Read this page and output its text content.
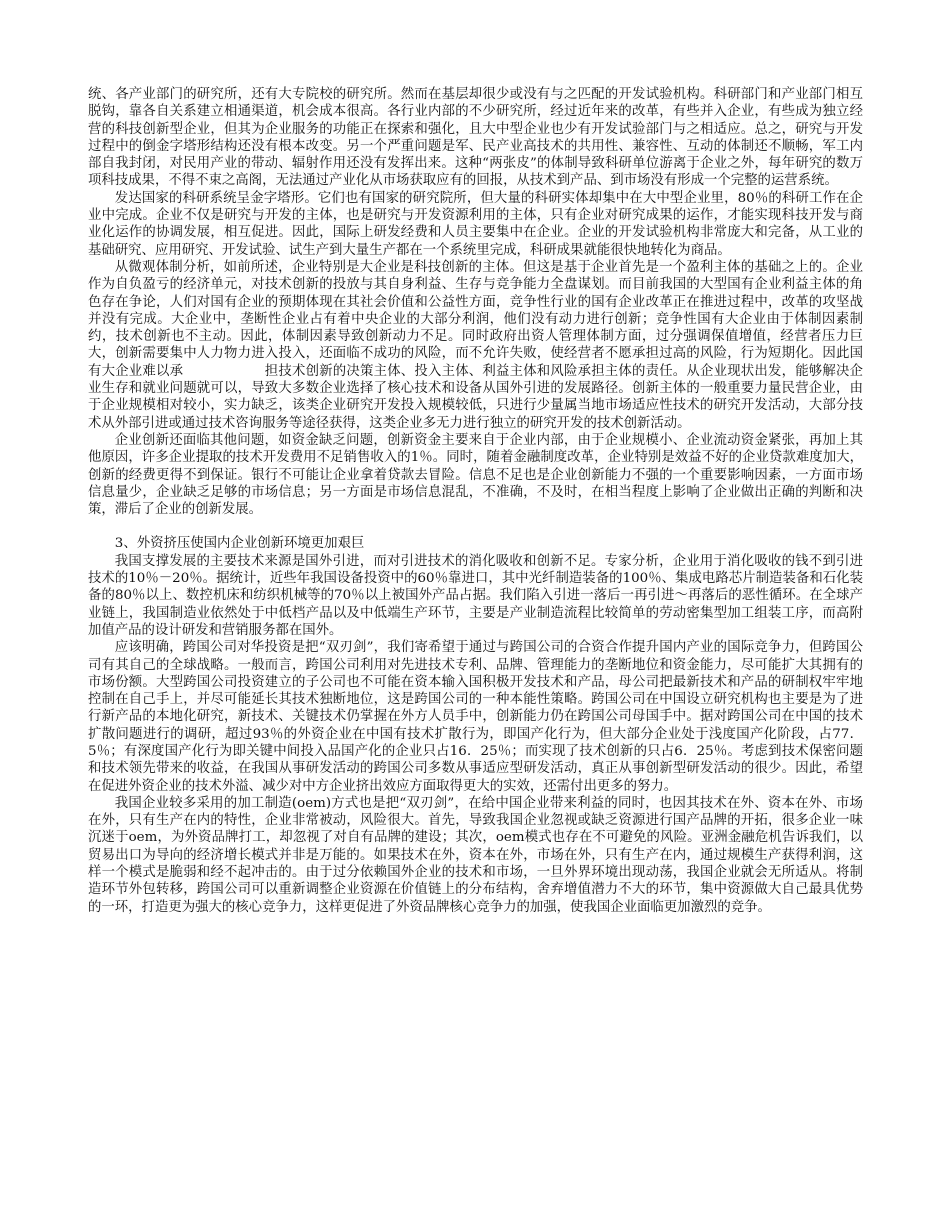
统、各产业部门的研究所，还有大专院校的研究所。然而在基层却很少或没有与之匹配的开发试验机构。科研部门和产业部门相互脱钩，靠各自关系建立相通渠道，机会成本很高。各行业内部的不少研究所，经过近年来的改革，有些并入企业，有些成为独立经营的科技创新型企业，但其为企业服务的功能正在探索和强化，且大中型企业也少有开发试验部门与之相适应。总之，研究与开发过程中的倒金字塔形结构还没有根本改变。另一个严重问题是军、民产业高技术的共用性、兼容性、互动的体制还不顺畅，军工内部自我封闭，对民用产业的带动、辐射作用还没有发挥出来。这种“两张皮”的体制导致科研单位游离于企业之外，每年研究的数万项科技成果，不得不束之高阁，无法通过产业化从市场获取应有的回报，从技术到产品、到市场没有形成一个完整的运营系统。

发达国家的科研系统呈金字塔形。它们也有国家的研究院所，但大量的科研实体却集中在大中型企业里，80％的科研工作在企业中完成。企业不仅是研究与开发的主体，也是研究与开发资源利用的主体，只有企业对研究成果的运作，才能实现科技开发与商业化运作的协调发展，相互促进。因此，国际上研发经费和人员主要集中在企业。企业的开发试验机构非常庞大和完备，从工业的基础研究、应用研究、开发试验、试生产到大量生产都在一个系统里完成，科研成果就能很快地转化为商品。

从微观体制分析，如前所述，企业特别是大企业是科技创新的主体。但这是基于企业首先是一个盈利主体的基础之上的。企业作为自负盈亏的经济单元，对技术创新的投放与其自身利益、生存与竞争能力全盘谋划。而目前我国的大型国有企业利益主体的角色存在争论，人们对国有企业的预期体现在其社会价值和公益性方面，竞争性行业的国有企业改革正在推进过程中，改革的攻坚战并没有完成。大企业中，垄断性企业占有着中央企业的大部分利润，他们没有动力进行创新；竞争性国有大企业由于体制因素制约，技术创新也不主动。因此，体制因素导致创新动力不足。同时政府出资人管理体制方面，过分强调保值增值，经营者压力巨大，创新需要集中人力物力进入投入，还面临不成功的风险，而不允许失败，使经营者不愿承担过高的风险，行为短期化。因此国有大企业难以承　　　　　　担技术创新的决策主体、投入主体、利益主体和风险承担主体的责任。从企业现状出发，能够解决企业生存和就业问题就可以，导致大多数企业选择了核心技术和设备从国外引进的发展路径。创新主体的一般重要力量民营企业，由于企业规模相对较小，实力缺乏，该类企业研究开发投入规模较低，只进行少量属当地市场适应性技术的研究开发活动，大部分技术从外部引进或通过技术咨询服务等途径获得，这类企业多无力进行独立的研究开发的技术创新活动。

企业创新还面临其他问题，如资金缺乏问题，创新资金主要来自于企业内部，由于企业规模小、企业流动资金紧张，再加上其他原因，许多企业提取的技术开发费用不足销售收入的1％。同时，随着金融制度改革，企业特别是效益不好的企业贷款难度加大，创新的经费更得不到保证。银行不可能让企业拿着贷款去冒险。信息不足也是企业创新能力不强的一个重要影响因素，一方面市场信息量少，企业缺乏足够的市场信息；另一方面是市场信息混乱，不准确，不及时，在相当程度上影响了企业做出正确的判断和决策，滞后了企业的创新发展。

3、外资挤压使国内企业创新环境更加艰巨

我国支撑发展的主要技术来源是国外引进，而对引进技术的消化吸收和创新不足。专家分析，企业用于消化吸收的钱不到引进技术的10％－20％。据统计，近些年我国设备投资中的60％靠进口，其中光纤制造装备的100％、集成电路芯片制造装备和石化装备的80％以上、数控机床和纺织机械等的70％以上被国外产品占据。我们陷入引进一落后一再引进～再落后的恶性循环。在全球产业链上，我国制造业依然处于中低档产品以及中低端生产环节，主要是产业制造流程比较简单的劳动密集型加工组装工序，而高附加值产品的设计研发和营销服务都在国外。

应该明确，跨国公司对华投资是把“双刃剑”，我们寄希望于通过与跨国公司的合资合作提升国内产业的国际竞争力，但跨国公司有其自己的全球战略。一般而言，跨国公司利用对先进技术专利、品牌、管理能力的垄断地位和资金能力，尽可能扩大其拥有的市场份额。大型跨国公司投资建立的子公司也不可能在资本输入国积极开发技术和产品，母公司把最新技术和产品的研制权牢牢地控制在自己手上，并尽可能延长其技术独断地位，这是跨国公司的一种本能性策略。跨国公司在中国设立研究机构也主要是为了进行新产品的本地化研究，新技术、关键技术仍掌握在外方人员手中，创新能力仍在跨国公司母国手中。据对跨国公司在中国的技术扩散问题进行的调研，超过93％的外资企业在中国有技术扩散行为，即国产化行为，但大部分企业处于浅度国产化阶段，占77．5％；有深度国产化行为即关键中间投入品国产化的企业只占16．25％；而实现了技术创新的只占6．25％。考虑到技术保密问题和技术领先带来的收益，在我国从事研发活动的跨国公司多数从事适应型研发活动，真正从事创新型研发活动的很少。因此，希望在促进外资企业的技术外溢、减少对中方企业挤出效应方面取得更大的实效，还需付出更多的努力。

我国企业较多采用的加工制造(oem)方式也是把“双刃剑”，在给中国企业带来利益的同时，也因其技术在外、资本在外、市场在外，只有生产在内的特性，企业非常被动，风险很大。首先，导致我国企业忽视或缺乏资源进行国产品牌的开拓，很多企业一味沉迷于oem，为外资品牌打工，却忽视了对自有品牌的建设；其次，oem模式也存在不可避免的风险。亚洲金融危机告诉我们，以贸易出口为导向的经济增长模式并非是万能的。如果技术在外，资本在外，市场在外，只有生产在内，通过规模生产获得利润，这样一个模式是脆弱和经不起冲击的。由于过分依赖国外企业的技术和市场，一旦外界环境出现动荡，我国企业就会无所适从。将制造环节外包转移，跨国公司可以重新调整企业资源在价值链上的分布结构，舍弃增值潜力不大的环节，集中资源做大自己最具优势的一环，打造更为强大的核心竞争力，这样更促进了外资品牌核心竞争力的加强，使我国企业面临更加激烈的竞争。
